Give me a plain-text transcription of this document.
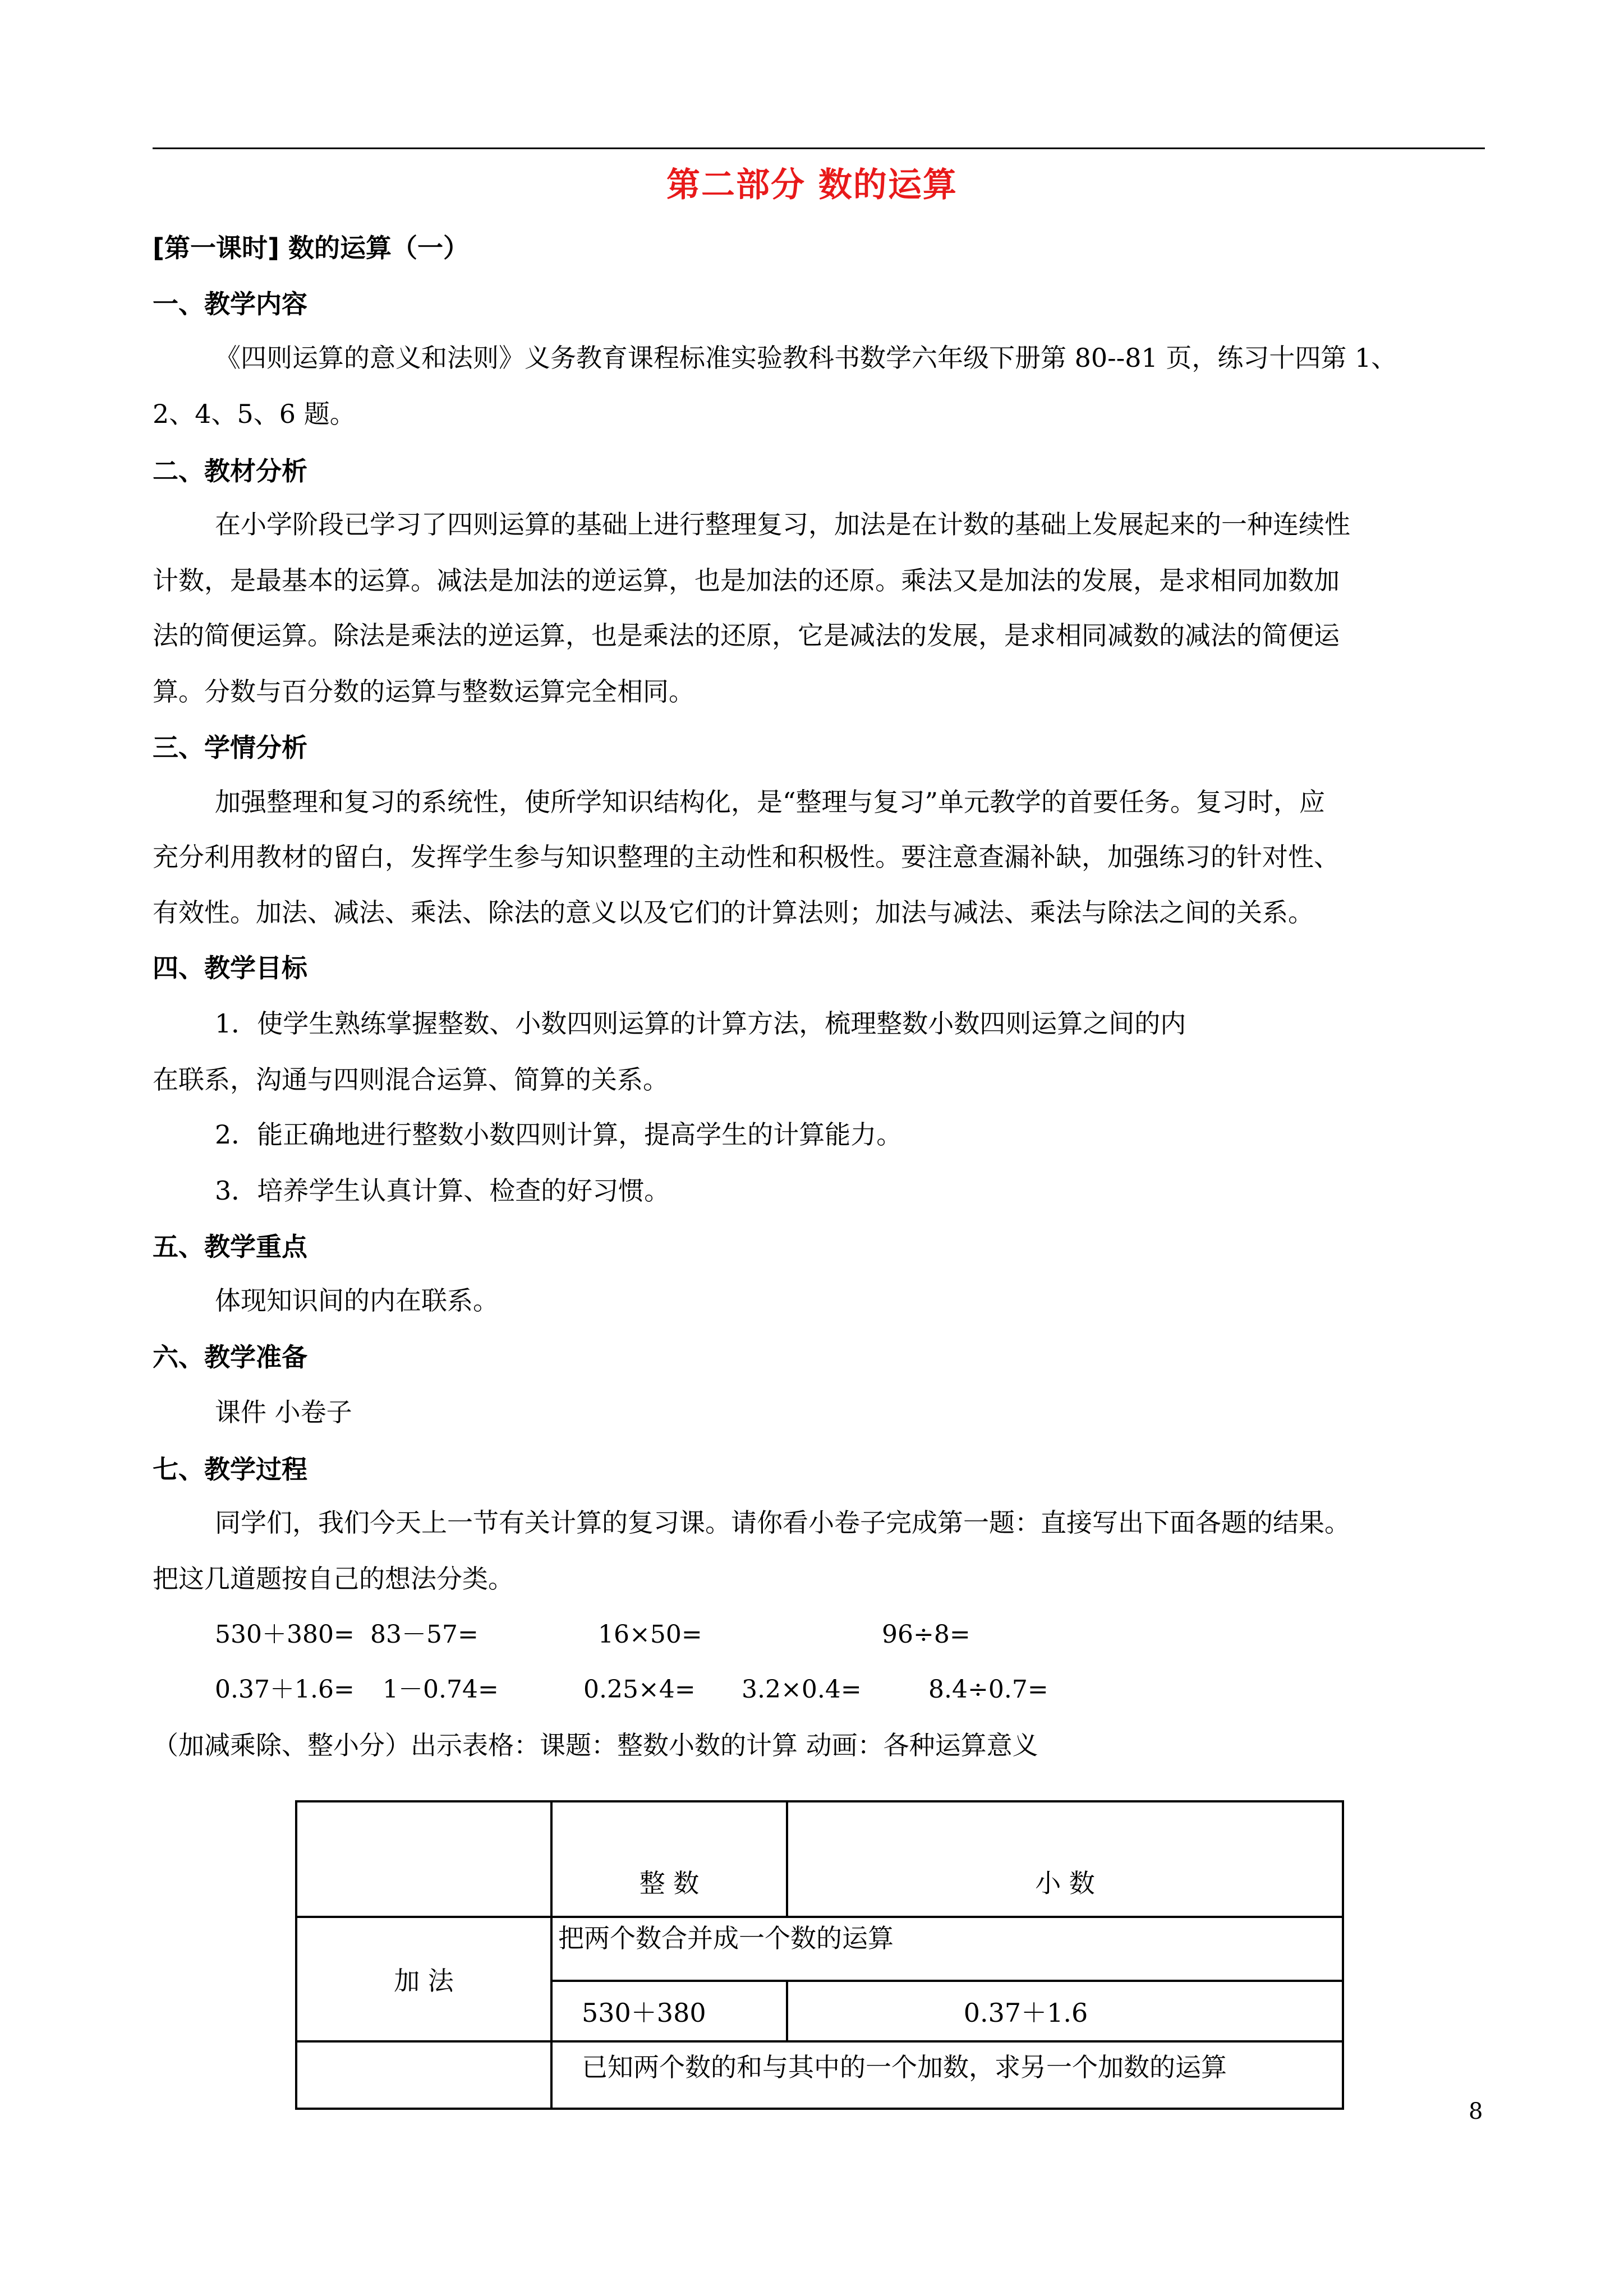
第二部分 数的运算
[第一课时] 数的运算（一）
一、教学内容
《四则运算的意义和法则》义务教育课程标准实验教科书数学六年级下册第 80--81 页，练习十四第 1、
2、4、5、6 题。
二、教材分析
在小学阶段已学习了四则运算的基础上进行整理复习，加法是在计数的基础上发展起来的一种连续性
计数，是最基本的运算。减法是加法的逆运算，也是加法的还原。乘法又是加法的发展，是求相同加数加
法的简便运算。除法是乘法的逆运算，也是乘法的还原，它是减法的发展，是求相同减数的减法的简便运
算。分数与百分数的运算与整数运算完全相同。
三、学情分析
加强整理和复习的系统性，使所学知识结构化，是“整理与复习”单元教学的首要任务。复习时，应
充分利用教材的留白，发挥学生参与知识整理的主动性和积极性。要注意查漏补缺，加强练习的针对性、
有效性。加法、减法、乘法、除法的意义以及它们的计算法则；加法与减法、乘法与除法之间的关系。
四、教学目标
1．使学生熟练掌握整数、小数四则运算的计算方法，梳理整数小数四则运算之间的内
在联系，沟通与四则混合运算、简算的关系。
2．能正确地进行整数小数四则计算，提高学生的计算能力。
3．培养学生认真计算、检查的好习惯。
五、教学重点
体现知识间的内在联系。
六、教学准备
课件 小卷子
七、教学过程
同学们，我们今天上一节有关计算的复习课。请你看小卷子完成第一题：直接写出下面各题的结果。
把这几道题按自己的想法分类。
530＋380= 83－57=	16×50=	96÷8=
0.37＋1.6= 1－0.74=	0.25×4= 3.2×0.4=	8.4÷0.7=
（加减乘除、整小分）出示表格：课题：整数小数的计算 动画：各种运算意义
	整 数	小 数
加 法	把两个数合并成一个数的运算	
	530＋380	0.37＋1.6
	已知两个数的和与其中的一个加数，求另一个加数的运算	
8
